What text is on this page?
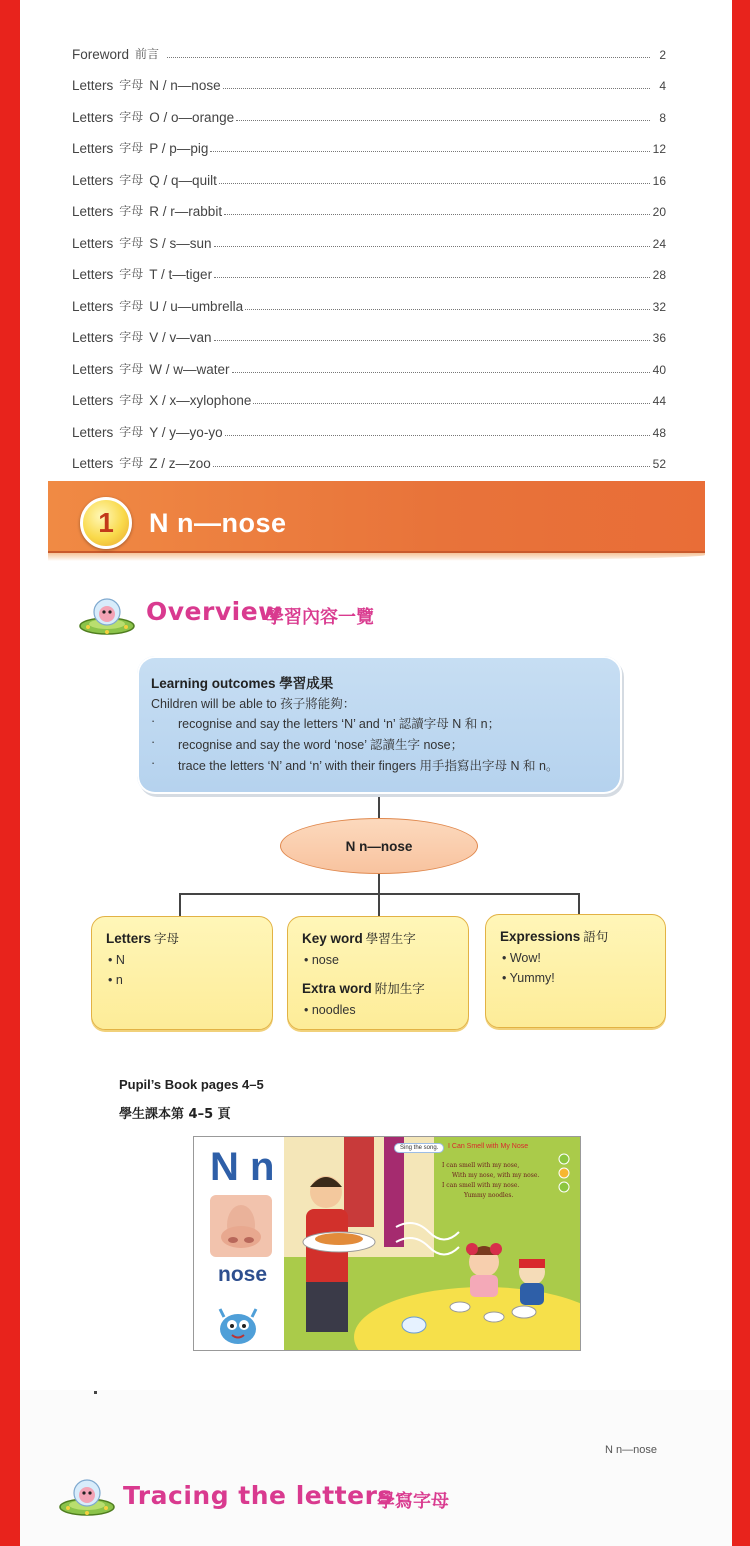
Foreword 前言	2
Letters 字母 N / n—nose	4
Letters 字母 O / o—orange	8
Letters 字母 P / p—pig	12
Letters 字母 Q / q—quilt	16
Letters 字母 R / r—rabbit	20
Letters 字母 S / s—sun	24
Letters 字母 T / t—tiger	28
Letters 字母 U / u—umbrella	32
Letters 字母 V / v—van	36
Letters 字母 W / w—water	40
Letters 字母 X / x—xylophone	44
Letters 字母 Y / y—yo-yo	48
Letters 字母 Z / z—zoo	52
1	N n—nose
Overview
學習內容一覽
Learning outcomes 學習成果
Children will be able to 孩子將能夠：
·	recognise and say the letters ‘N’ and ‘n’ 認讀字母 N 和 n；
·	recognise and say the word ‘nose’ 認讀生字 nose；
·	trace the letters ‘N’ and ‘n’ with their fingers 用手指寫出字母 N 和 n。
N n—nose
Letters 字母
• N
• n
Key word 學習生字
• nose
Extra word 附加生字
• noodles
Expressions 語句
• Wow!
• Yummy!
Pupil’s Book pages 4–5
學生課本第 4–5 頁
N n
nose
Sing the song.	I Can Smell with My Nose
I can smell with my nose,
With my nose, with my nose.
I can smell with my nose.
Yummy noodles.
N n—nose
Tracing the letters
學寫字母
